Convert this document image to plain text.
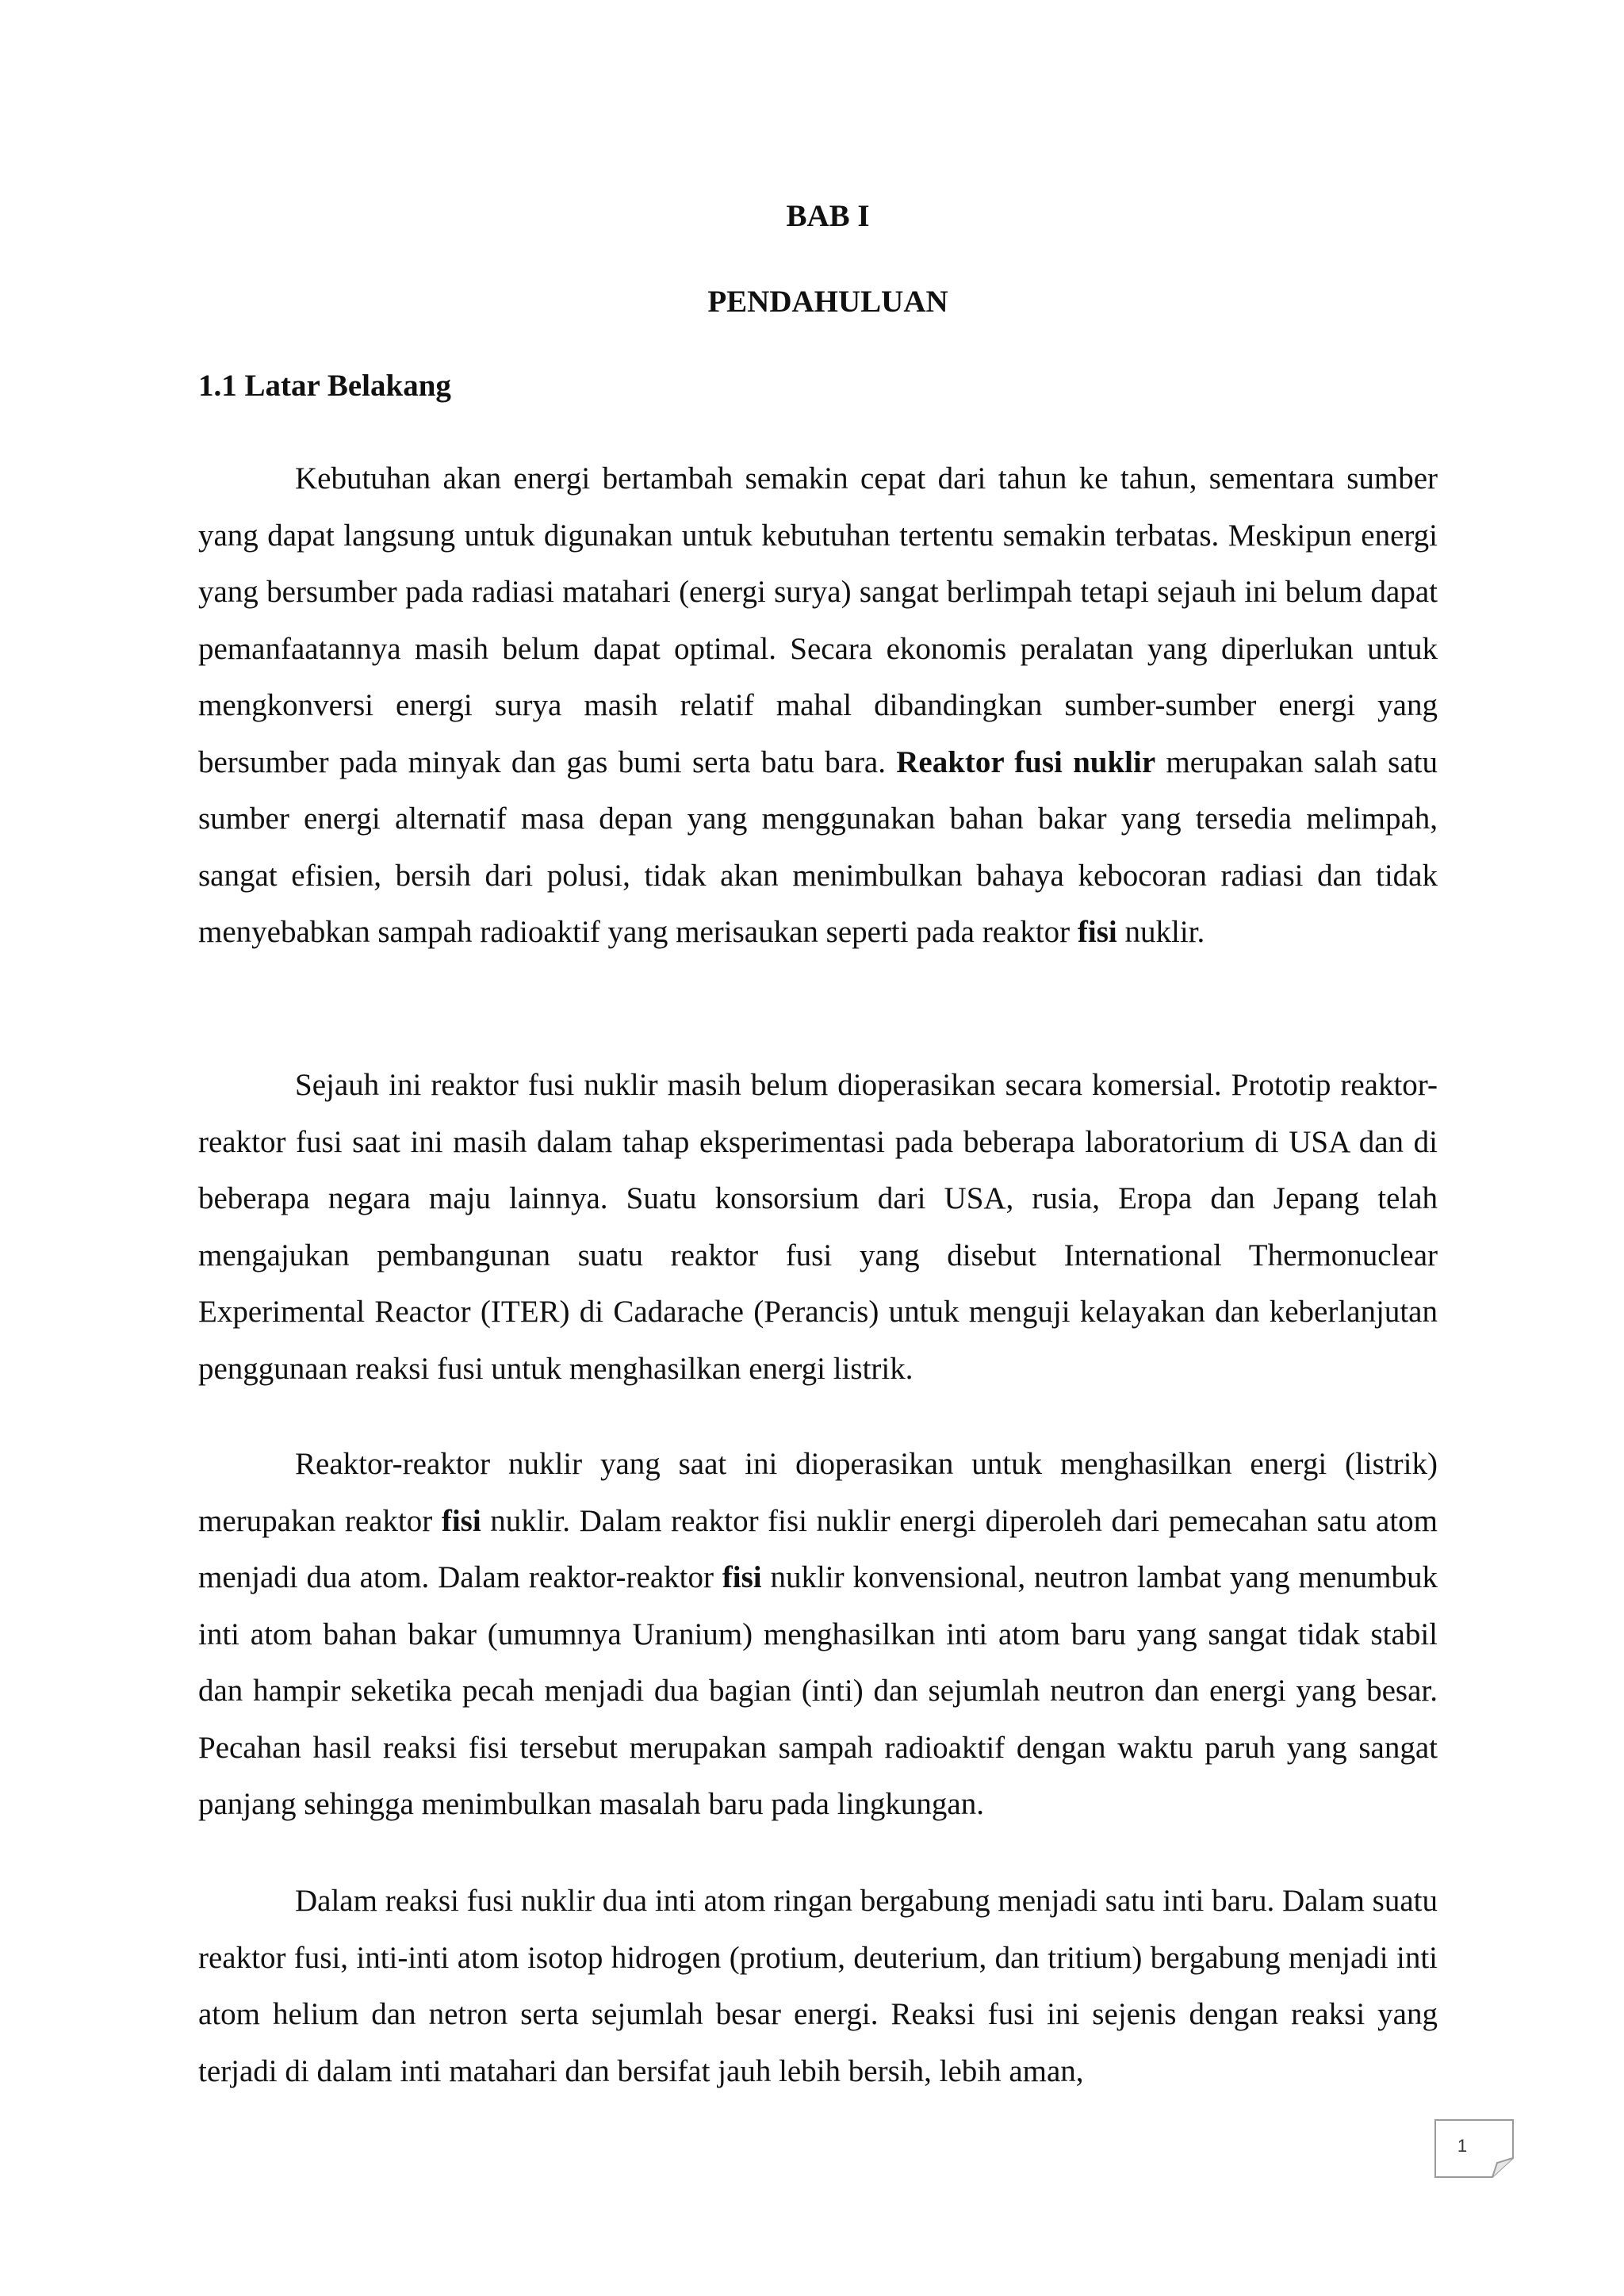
BAB I
PENDAHULUAN
1.1 Latar Belakang

Kebutuhan akan energi bertambah semakin cepat dari tahun ke tahun, sementara sumber yang dapat langsung untuk digunakan untuk kebutuhan tertentu semakin terbatas. Meskipun energi yang bersumber pada radiasi matahari (energi surya) sangat berlimpah tetapi sejauh ini belum dapat pemanfaatannya masih belum dapat optimal. Secara ekonomis peralatan yang diperlukan untuk mengkonversi energi surya masih relatif mahal dibandingkan sumber-sumber energi yang bersumber pada minyak dan gas bumi serta batu bara. Reaktor fusi nuklir merupakan salah satu sumber energi alternatif masa depan yang menggunakan bahan bakar yang tersedia melimpah, sangat efisien, bersih dari polusi, tidak akan menimbulkan bahaya kebocoran radiasi dan tidak menyebabkan sampah radioaktif yang merisaukan seperti pada reaktor fisi nuklir.

Sejauh ini reaktor fusi nuklir masih belum dioperasikan secara komersial. Prototip reaktor-reaktor fusi saat ini masih dalam tahap eksperimentasi pada beberapa laboratorium di USA dan di beberapa negara maju lainnya. Suatu konsorsium dari USA, rusia, Eropa dan Jepang telah mengajukan pembangunan suatu reaktor fusi yang disebut International Thermonuclear Experimental Reactor (ITER) di Cadarache (Perancis) untuk menguji kelayakan dan keberlanjutan penggunaan reaksi fusi untuk menghasilkan energi listrik.

Reaktor-reaktor nuklir yang saat ini dioperasikan untuk menghasilkan energi (listrik) merupakan reaktor fisi nuklir. Dalam reaktor fisi nuklir energi diperoleh dari pemecahan satu atom menjadi dua atom. Dalam reaktor-reaktor fisi nuklir konvensional, neutron lambat yang menumbuk inti atom bahan bakar (umumnya Uranium) menghasilkan inti atom baru yang sangat tidak stabil dan hampir seketika pecah menjadi dua bagian (inti) dan sejumlah neutron dan energi yang besar. Pecahan hasil reaksi fisi tersebut merupakan sampah radioaktif dengan waktu paruh yang sangat panjang sehingga menimbulkan masalah baru pada lingkungan.

Dalam reaksi fusi nuklir dua inti atom ringan bergabung menjadi satu inti baru. Dalam suatu reaktor fusi, inti-inti atom isotop hidrogen (protium, deuterium, dan tritium) bergabung menjadi inti atom helium dan netron serta sejumlah besar energi. Reaksi fusi ini sejenis dengan reaksi yang terjadi di dalam inti matahari dan bersifat jauh lebih bersih, lebih aman,

1
